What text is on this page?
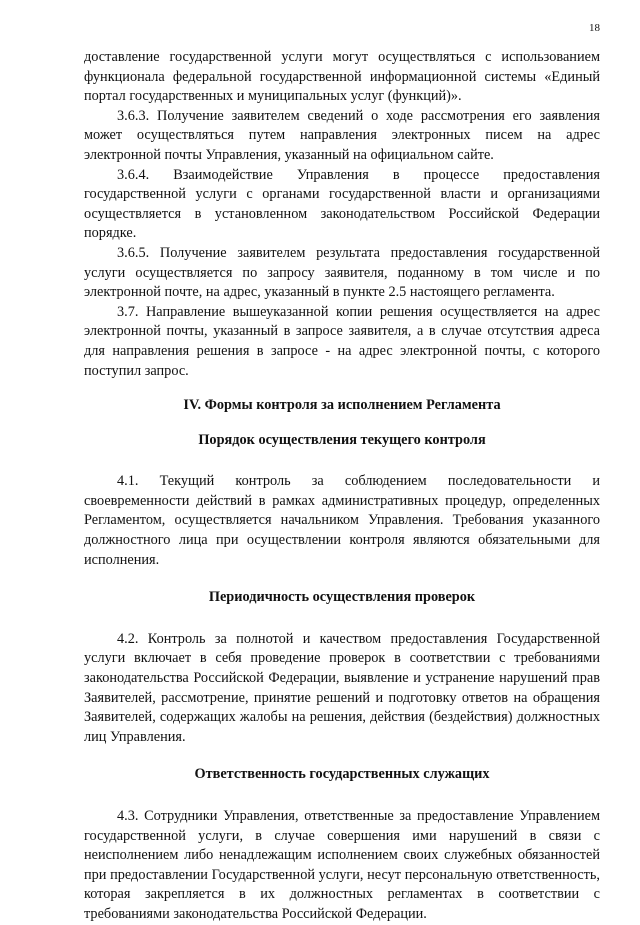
18

доставление государственной услуги могут осуществляться с использованием функционала федеральной государственной информационной системы «Единый портал государственных и муниципальных услуг (функций)».

3.6.3. Получение заявителем сведений о ходе рассмотрения его заявления может осуществляться путем направления электронных писем на адрес электронной почты Управления, указанный на официальном сайте.

3.6.4. Взаимодействие Управления в процессе предоставления государственной услуги с органами государственной власти и организациями осуществляется в установленном законодательством Российской Федерации порядке.

3.6.5. Получение заявителем результата предоставления государственной услуги осуществляется по запросу заявителя, поданному в том числе и по электронной почте, на адрес, указанный в пункте 2.5 настоящего регламента.

3.7. Направление вышеуказанной копии решения осуществляется на адрес электронной почты, указанный в запросе заявителя, а в случае отсутствия адреса для направления решения в запросе - на адрес электронной почты, с которого поступил запрос.

IV. Формы контроля за исполнением Регламента
Порядок осуществления текущего контроля

4.1. Текущий контроль за соблюдением последовательности и своевременности действий в рамках административных процедур, определенных Регламентом, осуществляется начальником Управления. Требования указанного должностного лица при осуществлении контроля являются обязательными для исполнения.

Периодичность осуществления проверок

4.2. Контроль за полнотой и качеством предоставления Государственной услуги включает в себя проведение проверок в соответствии с требованиями законодательства Российской Федерации, выявление и устранение нарушений прав Заявителей, рассмотрение, принятие решений и подготовку ответов на обращения Заявителей, содержащих жалобы на решения, действия (бездействия) должностных лиц Управления.

Ответственность государственных служащих

4.3. Сотрудники Управления, ответственные за предоставление Управлением государственной услуги, в случае совершения ими нарушений в связи с неисполнением либо ненадлежащим исполнением своих служебных обязанностей при предоставлении Государственной услуги, несут персональную ответственность, которая закрепляется в их должностных регламентах в соответствии с требованиями законодательства Российской Федерации.
